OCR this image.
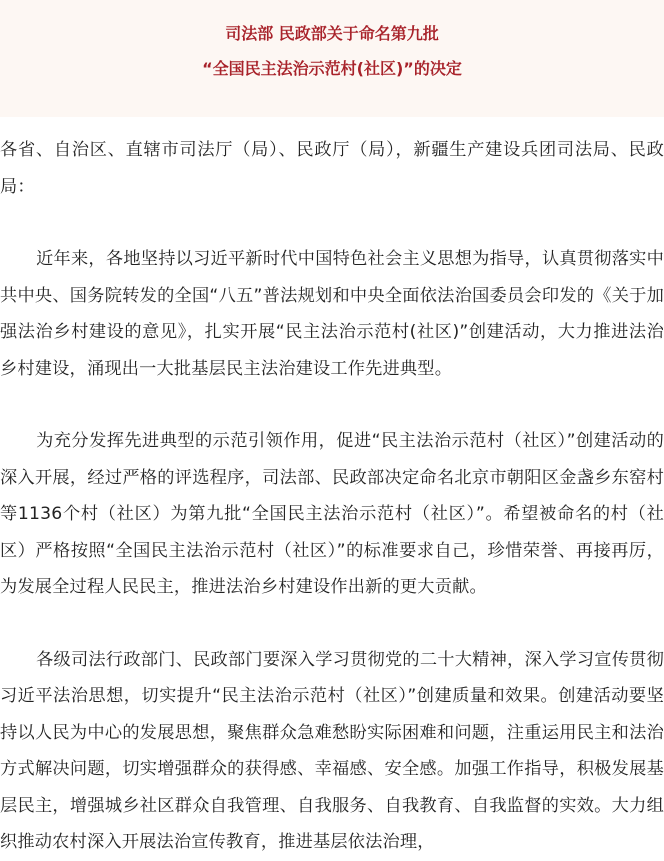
司法部 民政部关于命名第九批
“全国民主法治示范村(社区)”的决定

各省、自治区、直辖市司法厅（局）、民政厅（局），新疆生产建设兵团司法局、民政局：

近年来，各地坚持以习近平新时代中国特色社会主义思想为指导，认真贯彻落实中共中央、国务院转发的全国“八五”普法规划和中央全面依法治国委员会印发的《关于加强法治乡村建设的意见》，扎实开展“民主法治示范村(社区)”创建活动，大力推进法治乡村建设，涌现出一大批基层民主法治建设工作先进典型。

为充分发挥先进典型的示范引领作用，促进“民主法治示范村（社区）”创建活动的深入开展，经过严格的评选程序，司法部、民政部决定命名北京市朝阳区金盏乡东窑村等1136个村（社区）为第九批“全国民主法治示范村（社区）”。希望被命名的村（社区）严格按照“全国民主法治示范村（社区）”的标准要求自己，珍惜荣誉、再接再厉，为发展全过程人民民主，推进法治乡村建设作出新的更大贡献。

各级司法行政部门、民政部门要深入学习贯彻党的二十大精神，深入学习宣传贯彻习近平法治思想，切实提升“民主法治示范村（社区）”创建质量和效果。创建活动要坚持以人民为中心的发展思想，聚焦群众急难愁盼实际困难和问题，注重运用民主和法治方式解决问题，切实增强群众的获得感、幸福感、安全感。加强工作指导，积极发展基层民主，增强城乡社区群众自我管理、自我服务、自我教育、自我监督的实效。大力组织推动农村深入开展法治宣传教育，推进基层依法治理，
